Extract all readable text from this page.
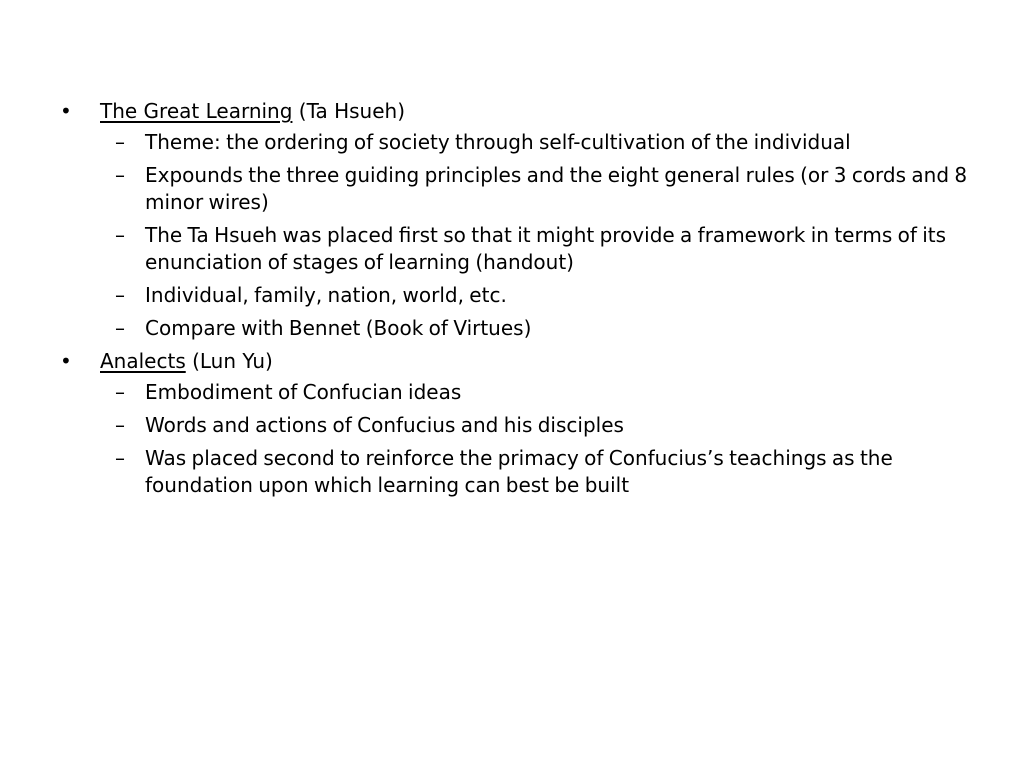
• The Great Learning (Ta Hsueh)
– Theme: the ordering of society through self-cultivation of the individual
– Expounds the three guiding principles and the eight general rules (or 3 cords and 8 minor wires)
– The Ta Hsueh was placed first so that it might provide a framework in terms of its enunciation of stages of learning (handout)
– Individual, family, nation, world, etc.
– Compare with Bennet (Book of Virtues)
• Analects (Lun Yu)
– Embodiment of Confucian ideas
– Words and actions of Confucius and his disciples
– Was placed second to reinforce the primacy of Confucius’s teachings as the foundation upon which learning can best be built
